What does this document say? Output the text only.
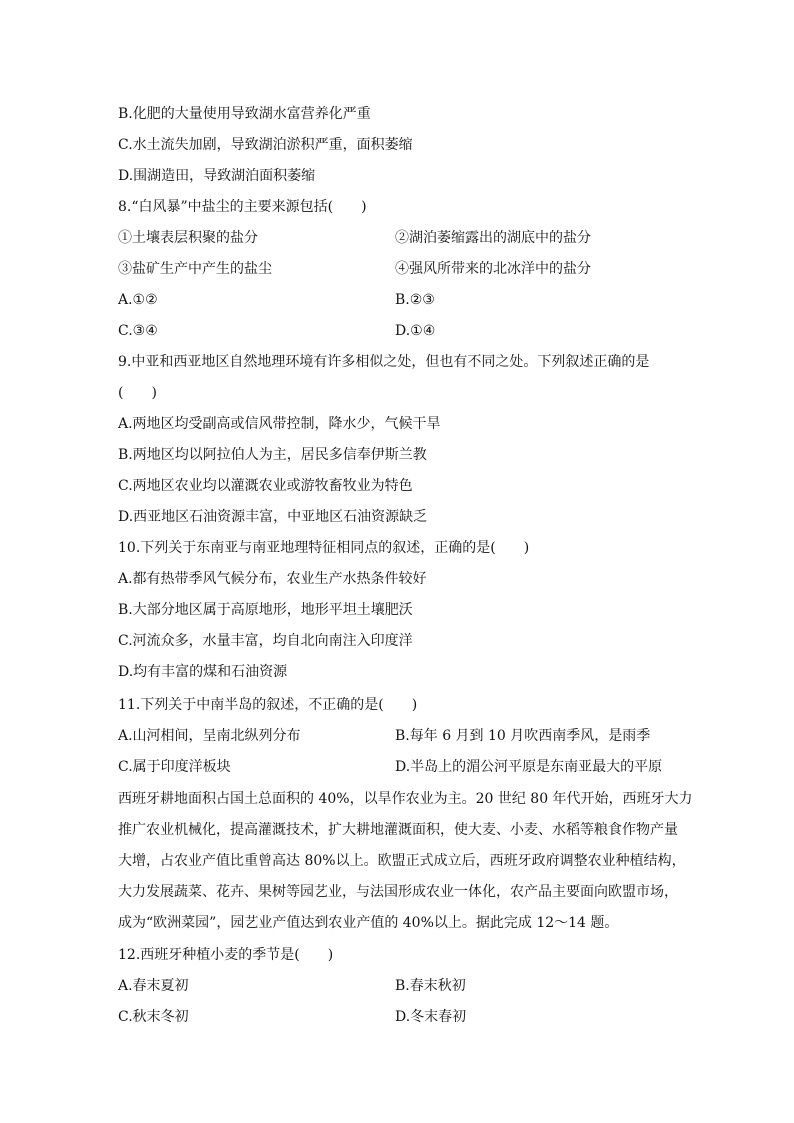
B.化肥的大量使用导致湖水富营养化严重
C.水土流失加剧，导致湖泊淤积严重，面积萎缩
D.围湖造田，导致湖泊面积萎缩
8.“白风暴”中盐尘的主要来源包括(　　)
①土壤表层积聚的盐分	②湖泊萎缩露出的湖底中的盐分
③盐矿生产中产生的盐尘	④强风所带来的北冰洋中的盐分
A.①②	B.②③
C.③④	D.①④
9.中亚和西亚地区自然地理环境有许多相似之处，但也有不同之处。下列叙述正确的是
(　　)
A.两地区均受副高或信风带控制，降水少，气候干旱
B.两地区均以阿拉伯人为主，居民多信奉伊斯兰教
C.两地区农业均以灌溉农业或游牧畜牧业为特色
D.西亚地区石油资源丰富，中亚地区石油资源缺乏
10.下列关于东南亚与南亚地理特征相同点的叙述，正确的是(　　)
A.都有热带季风气候分布，农业生产水热条件较好
B.大部分地区属于高原地形，地形平坦土壤肥沃
C.河流众多，水量丰富，均自北向南注入印度洋
D.均有丰富的煤和石油资源
11.下列关于中南半岛的叙述，不正确的是(　　)
A.山河相间，呈南北纵列分布	B.每年 6 月到 10 月吹西南季风，是雨季
C.属于印度洋板块	D.半岛上的湄公河平原是东南亚最大的平原
西班牙耕地面积占国土总面积的 40%，以旱作农业为主。20 世纪 80 年代开始，西班牙大力
推广农业机械化，提高灌溉技术，扩大耕地灌溉面积，使大麦、小麦、水稻等粮食作物产量
大增，占农业产值比重曾高达 80%以上。欧盟正式成立后，西班牙政府调整农业种植结构，
大力发展蔬菜、花卉、果树等园艺业，与法国形成农业一体化，农产品主要面向欧盟市场，
成为“欧洲菜园”，园艺业产值达到农业产值的 40%以上。据此完成 12～14 题。
12.西班牙种植小麦的季节是(　　)
A.春末夏初	B.春末秋初
C.秋末冬初	D.冬末春初
